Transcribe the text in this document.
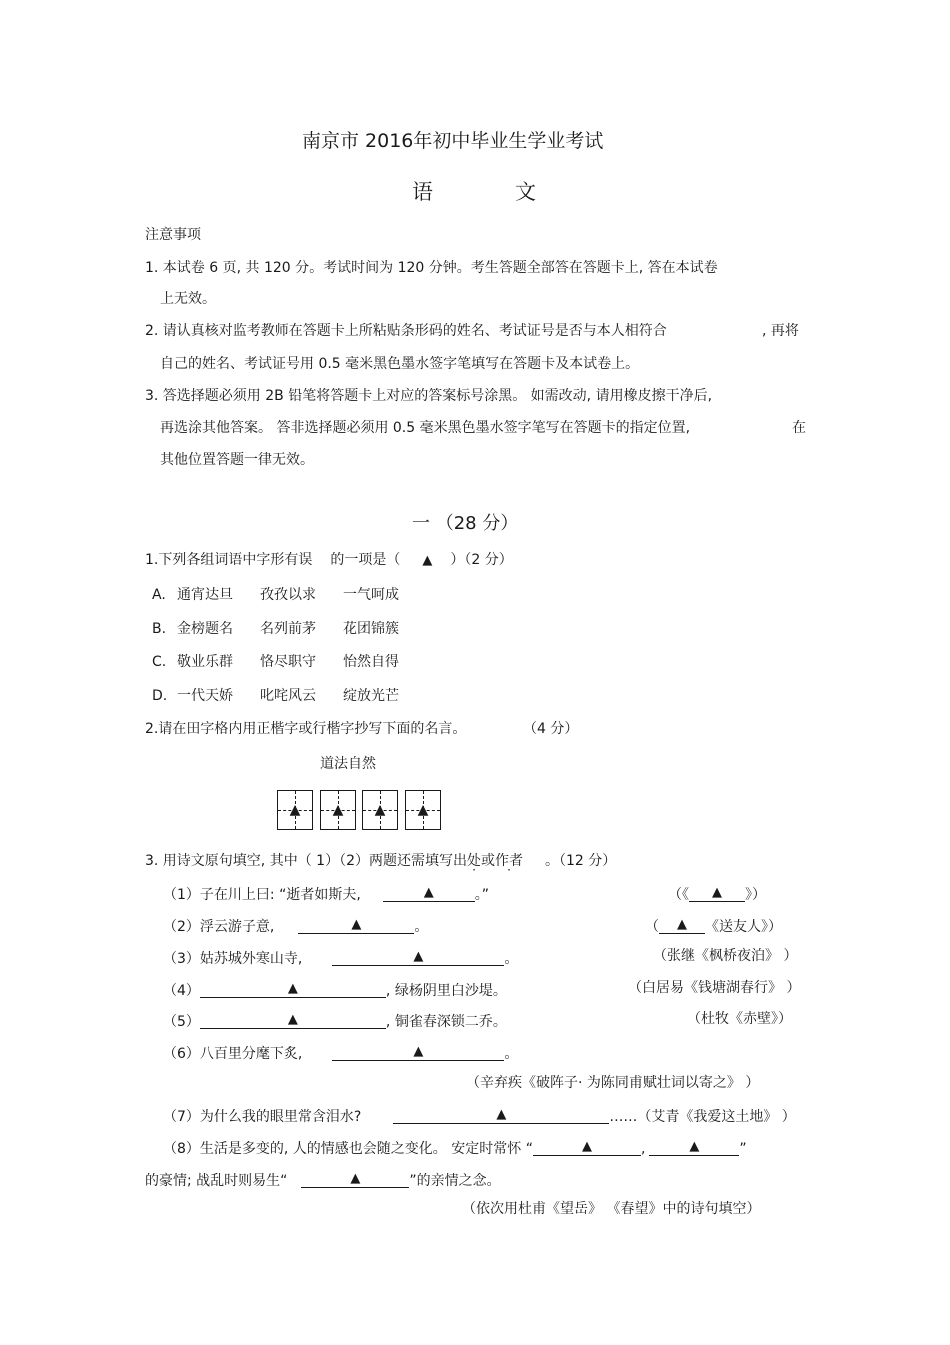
南京市 2016年初中毕业生学业考试
语	文
注意事项
1. 本试卷 6 页, 共 120 分。考试时间为 120 分钟。考生答题全部答在答题卡上, 答在本试卷
上无效。
2. 请认真核对监考教师在答题卡上所粘贴条形码的姓名、考试证号是否与本人相符合	, 再将
自己的姓名、考试证号用 0.5 毫米黑色墨水签字笔填写在答题卡及本试卷上。
3. 答选择题必须用 2B 铅笔将答题卡上对应的答案标号涂黑。 如需改动, 请用橡皮擦干净后,
再选涂其他答案。 答非选择题必须用 0.5 毫米黑色墨水签字笔写在答题卡的指定位置,	在
其他位置答题一律无效。
一 （28 分）
1.下列各组词语中字形有误 的一项是（ ▲ ）（2 分）
A. 通宵达旦 孜孜以求 一气呵成
B. 金榜题名 名列前茅 花团锦簇
C. 敬业乐群 恪尽职守 怡然自得
D. 一代天娇 叱咤风云 绽放光芒
2.请在田字格内用正楷字或行楷字抄写下面的名言。	（4 分）
道法自然
▲	▲	▲	▲
3. 用诗文原句填空, 其中（ 1）（2）两题还需填写出处或作者 。（12 分）
（1）子在川上曰: “逝者如斯夫,	▲	。”	（《 ▲ 》）
（2）浮云游子意,	▲	。	（ ▲ 《送友人》）
（3）姑苏城外寒山寺,	▲	。	（张继《枫桥夜泊》 ）
（4）	▲	, 绿杨阴里白沙堤。	（白居易《钱塘湖春行》 ）
（5）	▲	, 铜雀春深锁二乔。	（杜牧《赤壁》）
（6）八百里分麾下炙,	▲	。
（辛弃疾《破阵子· 为陈同甫赋壮词以寄之》 ）
（7）为什么我的眼里常含泪水?	▲	……（艾青《我爱这土地》 ）
（8）生活是多变的, 人的情感也会随之变化。 安定时常怀 “	▲	,	▲	”
的豪情; 战乱时则易生“	▲	”的亲情之念。
（依次用杜甫《望岳》 《春望》中的诗句填空）
